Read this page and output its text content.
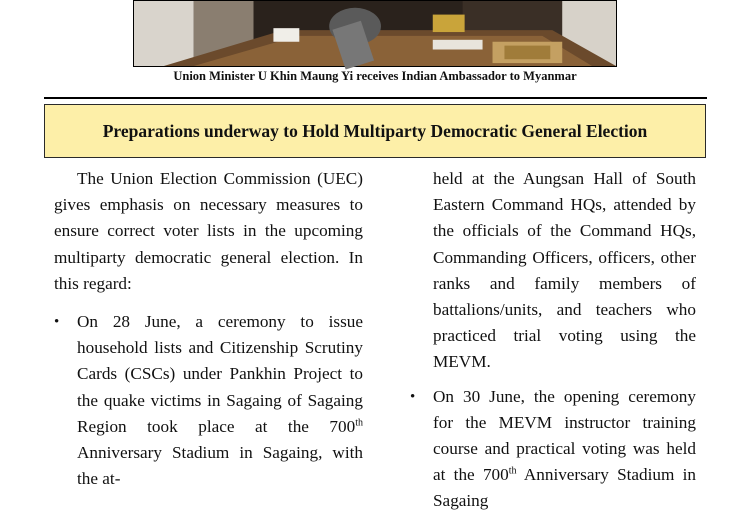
Union Minister U Khin Maung Yi receives Indian Ambassador to Myanmar
Preparations underway to Hold Multiparty Democratic General Election

The Union Election Commission (UEC) gives emphasis on necessary measures to ensure correct voter lists in the upcoming multiparty democratic general election. In this regard:

• On 28 June, a ceremony to issue household lists and Citizenship Scrutiny Cards (CSCs) under Pankhin Project to the quake victims in Sagaing of Sagaing Region took place at the 700th Anniversary Stadium in Sagaing, with the at-

held at the Aungsan Hall of South Eastern Command HQs, attended by the officials of the Command HQs, Commanding Officers, officers, other ranks and family members of battalions/units, and teachers who practiced trial voting using the MEVM.

• On 30 June, the opening ceremony for the MEVM instructor training course and practical voting was held at the 700th Anniversary Stadium in Sagaing
